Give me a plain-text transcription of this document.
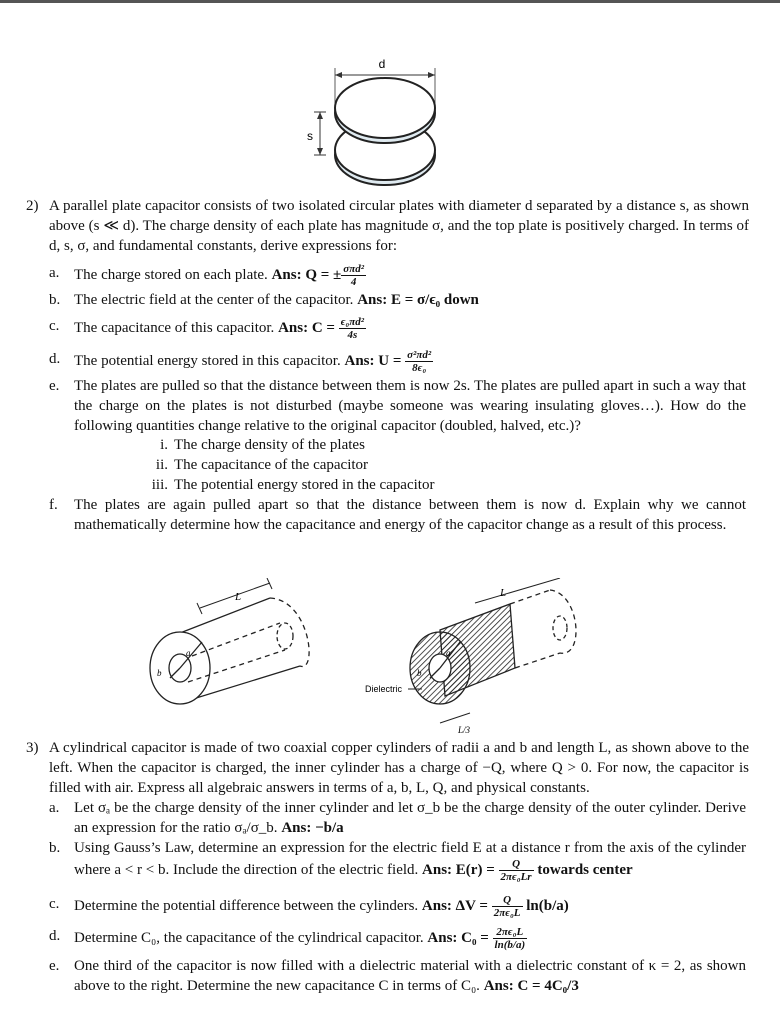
d
s
2) A parallel plate capacitor consists of two isolated circular plates with diameter d separated by a distance s, as shown above (s ≪ d). The charge density of each plate has magnitude σ, and the top plate is positively charged. In terms of d, s, σ, and fundamental constants, derive expressions for:
a. The charge stored on each plate. Ans: Q = ± $\frac{\text{σπd²}}{4}$
b. The electric field at the center of the capacitor. Ans: E = σ/ϵ₀ down
c. The capacitance of this capacitor. Ans: $C = \frac{\text{ϵ₀πd²}}{4s}$
d. The potential energy stored in this capacitor. Ans: $U = \frac{\text{σ²πd²}}{\text{8ϵ₀}}$
e. The plates are pulled so that the distance between them is now 2s. The plates are pulled apart in such a way that the charge on the plates is not disturbed (maybe someone was wearing insulating gloves…). How do the following quantities change relative to the original capacitor (doubled, halved, etc.)?
i. The charge density of the plates
ii. The capacitance of the capacitor
iii. The potential energy stored in the capacitor
f.	The plates are again pulled apart so that the distance between them is now d. Explain why we cannot mathematically determine how the capacitance and energy of the capacitor change as a result of this process.
L
b
a
L
b
a
Dielectric
L/3
3) A cylindrical capacitor is made of two coaxial copper cylinders of radii a and b and length L, as shown above to the left. When the capacitor is charged, the inner cylinder has a charge of −Q, where Q > 0. For now, the capacitor is filled with air. Express all algebraic answers in terms of a, b, L, Q, and physical constants.
a. Let σₐ be the charge density of the inner cylinder and let σ_b be the charge density of the outer cylinder. Derive an expression for the ratio σₐ/σ_b. Ans: −b/a
b. Using Gauss’s Law, determine an expression for the electric field E at a distance r from the axis of the cylinder where a < r < b. Include the direction of the electric field. Ans: $E(r) = \frac{Q}{\text{2πϵ₀Lr}}$ towards center
c. Determine the potential difference between the cylinders. Ans: $\Delta V = \frac{Q}{\text{2πϵ₀L}} \ln(b/a)$
d. Determine C₀, the capacitance of the cylindrical capacitor. Ans: $C_0 = \frac{\text{2πϵ₀L}}{\ln(b/a)}$
e. One third of the capacitor is now filled with a dielectric material with a dielectric constant of κ = 2, as shown above to the right. Determine the new capacitance C in terms of C₀. Ans: C = 4C₀/3
